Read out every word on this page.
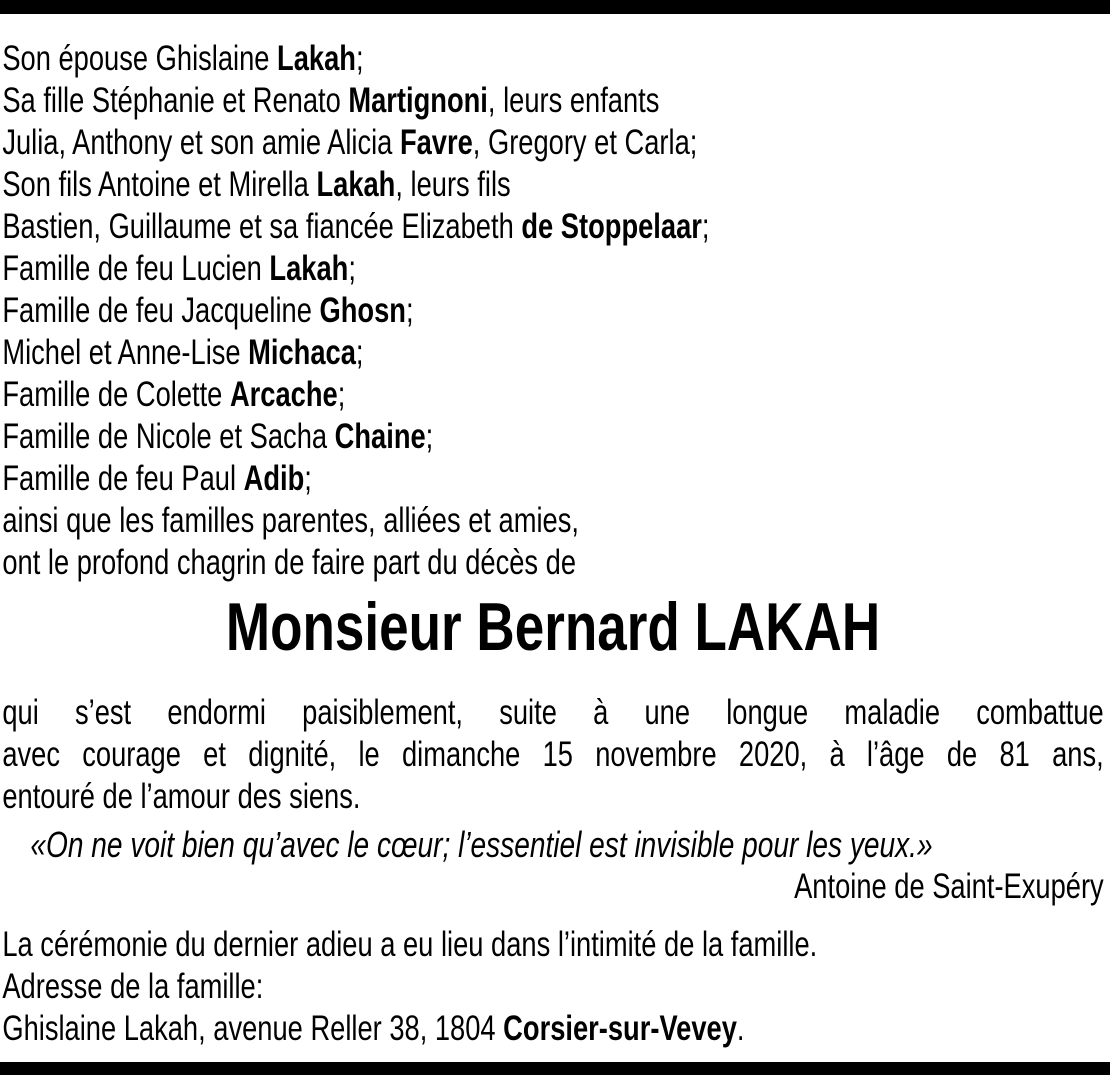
Son épouse Ghislaine Lakah;
Sa fille Stéphanie et Renato Martignoni, leurs enfants
Julia, Anthony et son amie Alicia Favre, Gregory et Carla;
Son fils Antoine et Mirella Lakah, leurs fils
Bastien, Guillaume et sa fiancée Elizabeth de Stoppelaar;
Famille de feu Lucien Lakah;
Famille de feu Jacqueline Ghosn;
Michel et Anne-Lise Michaca;
Famille de Colette Arcache;
Famille de Nicole et Sacha Chaine;
Famille de feu Paul Adib;
ainsi que les familles parentes, alliées et amies,
ont le profond chagrin de faire part du décès de
Monsieur Bernard LAKAH
qui s’est endormi paisiblement, suite à une longue maladie combattue
avec courage et dignité, le dimanche 15 novembre 2020, à l’âge de 81 ans,
entouré de l’amour des siens.
«On ne voit bien qu’avec le cœur; l’essentiel est invisible pour les yeux.»
Antoine de Saint-Exupéry
La cérémonie du dernier adieu a eu lieu dans l’intimité de la famille.
Adresse de la famille:
Ghislaine Lakah, avenue Reller 38, 1804 Corsier-sur-Vevey.
